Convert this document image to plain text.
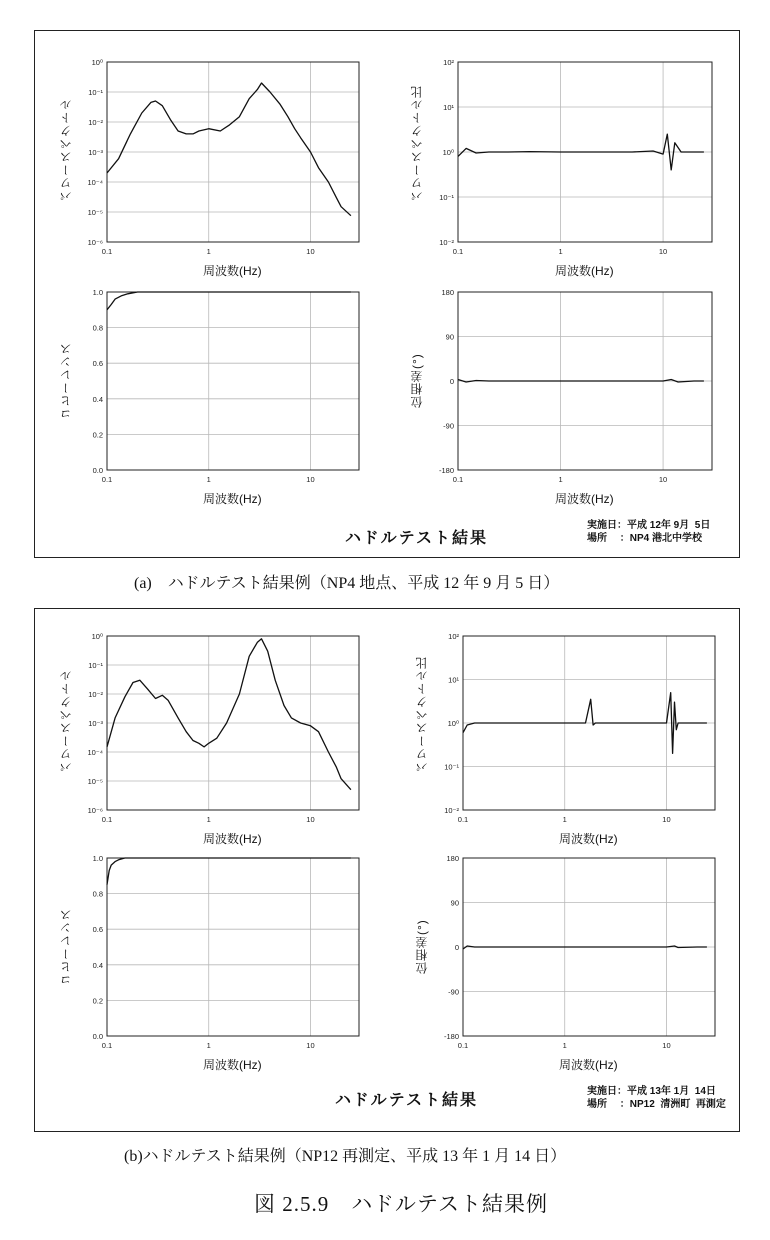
ハドルテスト結果
実施日：平成 12年 9月  5日
場所　 ：NP4 港北中学校
(a)　ハドルテスト結果例（NP4 地点、平成 12 年 9 月 5 日）
ハドルテスト結果
実施日：平成 13年 1月  14日
場所　 ：NP12  清洲町  再測定
(b)ハドルテスト結果例（NP12 再測定、平成 13 年 1 月 14 日）
図 2.5.9　ハドルテスト結果例
10⁻⁶
10⁻⁵
10⁻⁴
10⁻³
10⁻²
10⁻¹
10⁰
0.1	1	10
10⁻²
10⁻¹
10⁰
10¹
10²
0.1	1	10
0.0
0.2
0.4
0.6
0.8
1.0
0.1	1	10
-180
-90
0
90
180
0.1	1	10
10⁻⁶
10⁻⁵
10⁻⁴
10⁻³
10⁻²
10⁻¹
10⁰
0.1	1	10
10⁻²
10⁻¹
10⁰
10¹
10²
0.1	1	10
0.0
0.2
0.4
0.6
0.8
1.0
0.1	1	10
-180
-90
0
90
180
0.1	1	10
周波数(Hz)
パワースペクトル
周波数(Hz)
パワースペクトル比
周波数(Hz)
コヒーレンス
周波数(Hz)
位相差(°)
周波数(Hz)
パワースペクトル
周波数(Hz)
パワースペクトル比
周波数(Hz)
コヒーレンス
周波数(Hz)
位相差(°)
